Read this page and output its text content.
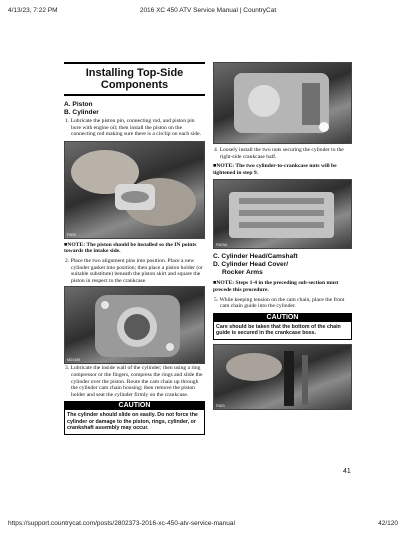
4/13/23, 7:22 PM	2016 XC 450 ATV Service Manual | CountryCat
Installing Top-Side Components
A. Piston
B. Cylinder
1. Lubricate the piston pin, connecting rod, and piston pin bore with engine oil; then install the piston on the connecting rod making sure there is a circlip on each side.
FI629
■NOTE: The piston should be installed so the IN points towards the intake side.
2. Place the two alignment pins into position. Place a new cylinder gasket into position; then place a piston holder (or suitable substitute) beneath the piston skirt and square the piston in respect to the crankcase.
MD1369
3. Lubricate the inside wall of the cylinder; then using a ring compressor or the fingers, compress the rings and slide the cylinder over the piston. Route the cam chain up through the cylinder cam chain housing; then remove the piston holder and seat the cylinder firmly on the crankcase.
CAUTION
The cylinder should slide on easily. Do not force the cylinder or damage to the piston, rings, cylinder, or crankshaft assembly may occur.
4. Loosely install the two nuts securing the cylinder to the right-side crankcase half.
■NOTE: The two cylinder-to-crankcase nuts will be tightened in step 9.
FI629A
C. Cylinder Head/Camshaft
D. Cylinder Head Cover/
Rocker Arms
■NOTE: Steps 1-4 in the preceding sub-section must precede this procedure.
5. While keeping tension on the cam chain, place the front cam chain guide into the cylinder.
CAUTION
Care should be taken that the bottom of the chain guide is secured in the crankcase boss.
FI621
41
https://support.countrycat.com/posts/2802373-2016-xc-450-atv-service-manual	42/120
